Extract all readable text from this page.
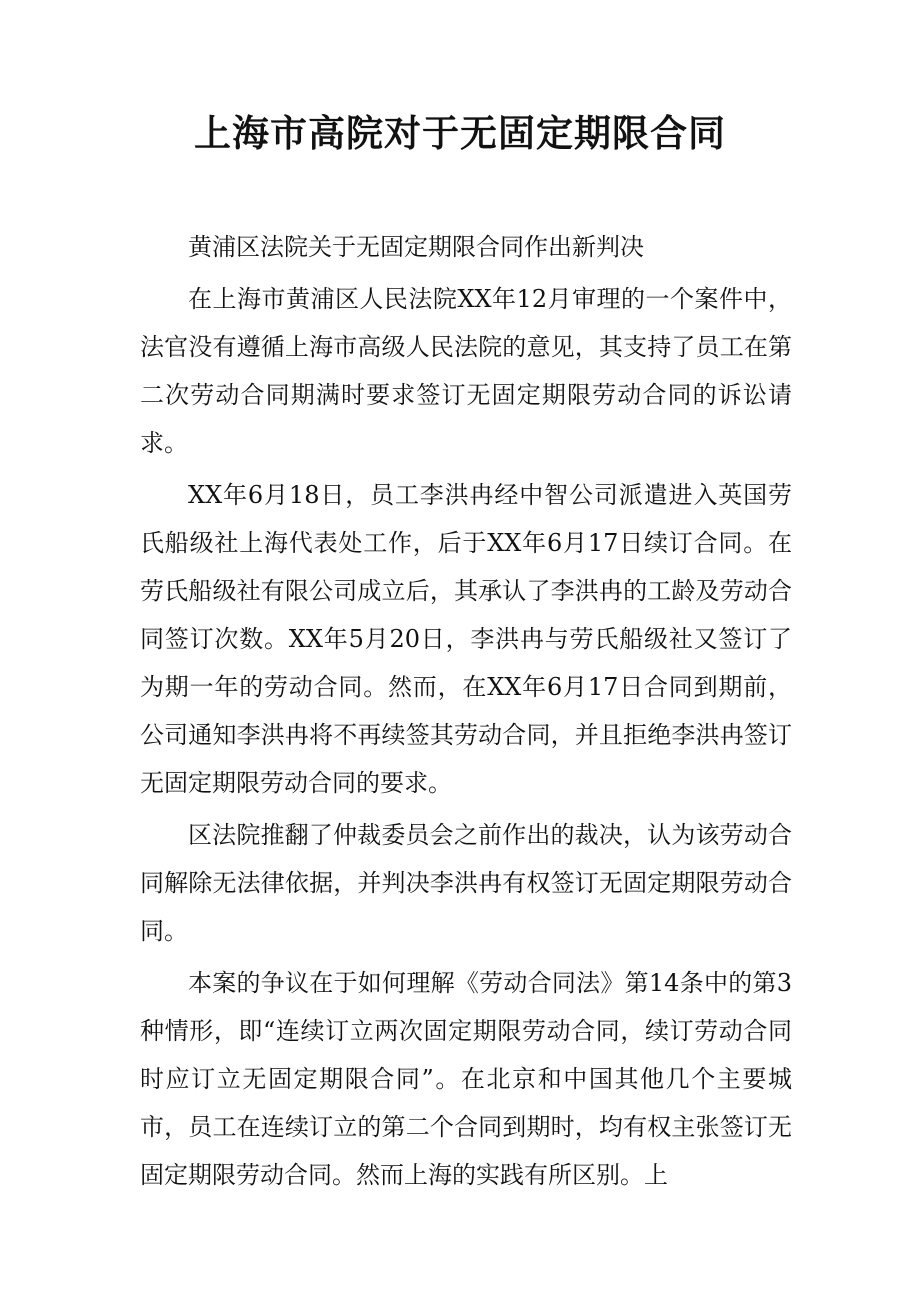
上海市高院对于无固定期限合同

黄浦区法院关于无固定期限合同作出新判决

在上海市黄浦区人民法院XX年12月审理的一个案件中，法官没有遵循上海市高级人民法院的意见，其支持了员工在第二次劳动合同期满时要求签订无固定期限劳动合同的诉讼请求。

XX年6月18日，员工李洪冉经中智公司派遣进入英国劳氏船级社上海代表处工作，后于XX年6月17日续订合同。在劳氏船级社有限公司成立后，其承认了李洪冉的工龄及劳动合同签订次数。XX年5月20日，李洪冉与劳氏船级社又签订了为期一年的劳动合同。然而，在XX年6月17日合同到期前，公司通知李洪冉将不再续签其劳动合同，并且拒绝李洪冉签订无固定期限劳动合同的要求。

区法院推翻了仲裁委员会之前作出的裁决，认为该劳动合同解除无法律依据，并判决李洪冉有权签订无固定期限劳动合同。

本案的争议在于如何理解《劳动合同法》第14条中的第3种情形，即“连续订立两次固定期限劳动合同，续订劳动合同时应订立无固定期限合同”。在北京和中国其他几个主要城市，员工在连续订立的第二个合同到期时，均有权主张签订无固定期限劳动合同。然而上海的实践有所区别。上
